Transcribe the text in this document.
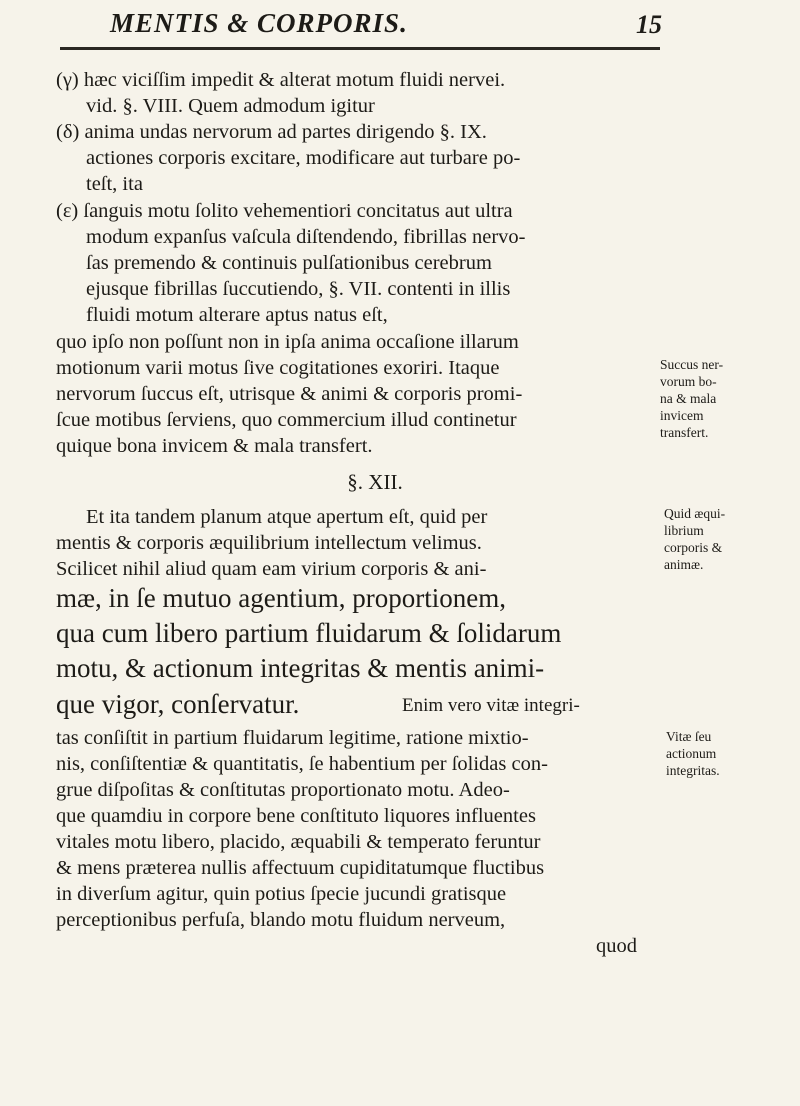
MENTIS & CORPORIS.	15
(γ) hæc viciſſim impedit & alterat motum fluidi nervei.
vid. §. VIII. Quem admodum igitur
(δ) anima undas nervorum ad partes dirigendo §. IX.
actiones corporis excitare, modificare aut turbare po-
teſt, ita
(ε) ſanguis motu ſolito vehementiori concitatus aut ultra
modum expanſus vaſcula diſtendendo, fibrillas nervo-
ſas premendo & continuis pulſationibus cerebrum
ejusque fibrillas ſuccutiendo, §. VII. contenti in illis
fluidi motum alterare aptus natus eſt,
quo ipſo non poſſunt non in ipſa anima occaſione illarum
motionum varii motus ſive cogitationes exoriri. Itaque
nervorum ſuccus eſt, utrisque & animi & corporis promi-
ſcue motibus ſerviens, quo commercium illud continetur
quique bona invicem & mala transfert.
§. XII.
Et ita tandem planum atque apertum eſt, quid per
mentis & corporis æquilibrium intellectum velimus.
Scilicet nihil aliud quam eam virium corporis & ani-
mæ, in ſe mutuo agentium, proportionem,
qua cum libero partium fluidarum & ſolidarum
motu, & actionum integritas & mentis animi-
que vigor, conſervatur.	Enim vero vitæ integri-
tas conſiſtit in partium fluidarum legitime, ratione mixtio-
nis, conſiſtentiæ & quantitatis, ſe habentium per ſolidas con-
grue diſpoſitas & conſtitutas proportionato motu. Adeo-
que quamdiu in corpore bene conſtituto liquores influentes
vitales motu libero, placido, æquabili & temperato feruntur
& mens præterea nullis affectuum cupiditatumque fluctibus
in diverſum agitur, quin potius ſpecie jucundi gratisque
perceptionibus perfuſa, blando motu fluidum nerveum,
quod
Succus ner-
vorum bo-
na & mala
invicem
transfert.
Quid æqui-
librium
corporis &
animæ.
Vitæ ſeu
actionum
integritas.
